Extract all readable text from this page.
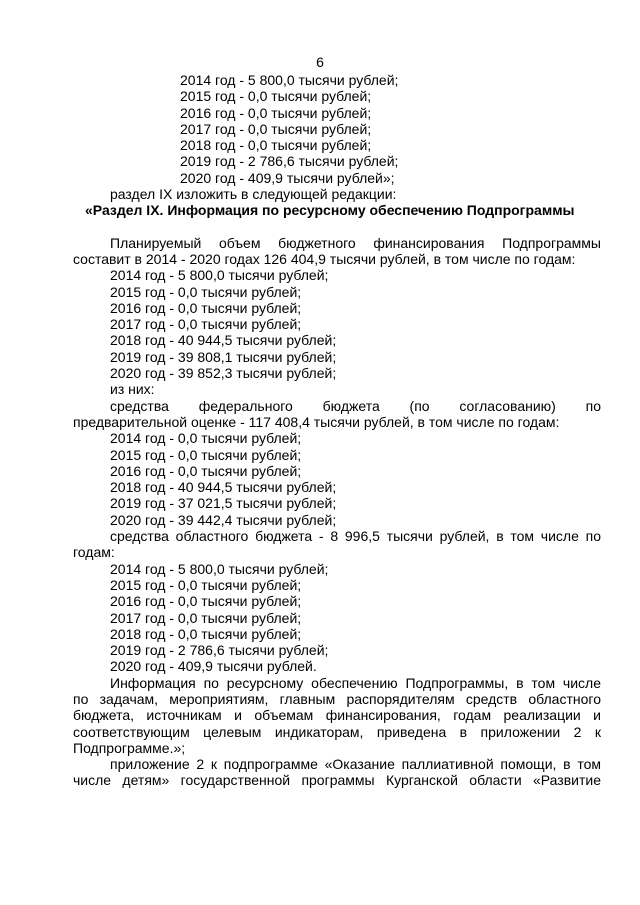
6
2014 год - 5 800,0 тысячи рублей;
2015 год - 0,0 тысячи рублей;
2016 год - 0,0 тысячи рублей;
2017 год - 0,0 тысячи рублей;
2018 год - 0,0 тысячи рублей;
2019 год - 2 786,6 тысячи рублей;
2020 год - 409,9 тысячи рублей»;
раздел IX изложить в следующей редакции:
«Раздел IX. Информация по ресурсному обеспечению Подпрограммы
Планируемый объем бюджетного финансирования Подпрограммы
составит в 2014 - 2020 годах 126 404,9 тысячи рублей, в том числе по годам:
2014 год - 5 800,0 тысячи рублей;
2015 год - 0,0 тысячи рублей;
2016 год - 0,0 тысячи рублей;
2017 год - 0,0 тысячи рублей;
2018 год - 40 944,5 тысячи рублей;
2019 год - 39 808,1 тысячи рублей;
2020 год - 39 852,3 тысячи рублей;
из них:
средства федерального бюджета (по согласованию) по
предварительной оценке - 117 408,4 тысячи рублей, в том числе по годам:
2014 год - 0,0 тысячи рублей;
2015 год - 0,0 тысячи рублей;
2016 год - 0,0 тысячи рублей;
2018 год - 40 944,5 тысячи рублей;
2019 год - 37 021,5 тысячи рублей;
2020 год - 39 442,4 тысячи рублей;
средства областного бюджета - 8 996,5 тысячи рублей, в том числе по
годам:
2014 год - 5 800,0 тысячи рублей;
2015 год - 0,0 тысячи рублей;
2016 год - 0,0 тысячи рублей;
2017 год - 0,0 тысячи рублей;
2018 год - 0,0 тысячи рублей;
2019 год - 2 786,6 тысячи рублей;
2020 год - 409,9 тысячи рублей.
Информация по ресурсному обеспечению Подпрограммы, в том числе
по задачам, мероприятиям, главным распорядителям средств областного
бюджета, источникам и объемам финансирования, годам реализации и
соответствующим целевым индикаторам, приведена в приложении 2 к
Подпрограмме.»;
приложение 2 к подпрограмме «Оказание паллиативной помощи, в том
числе детям» государственной программы Курганской области «Развитие
